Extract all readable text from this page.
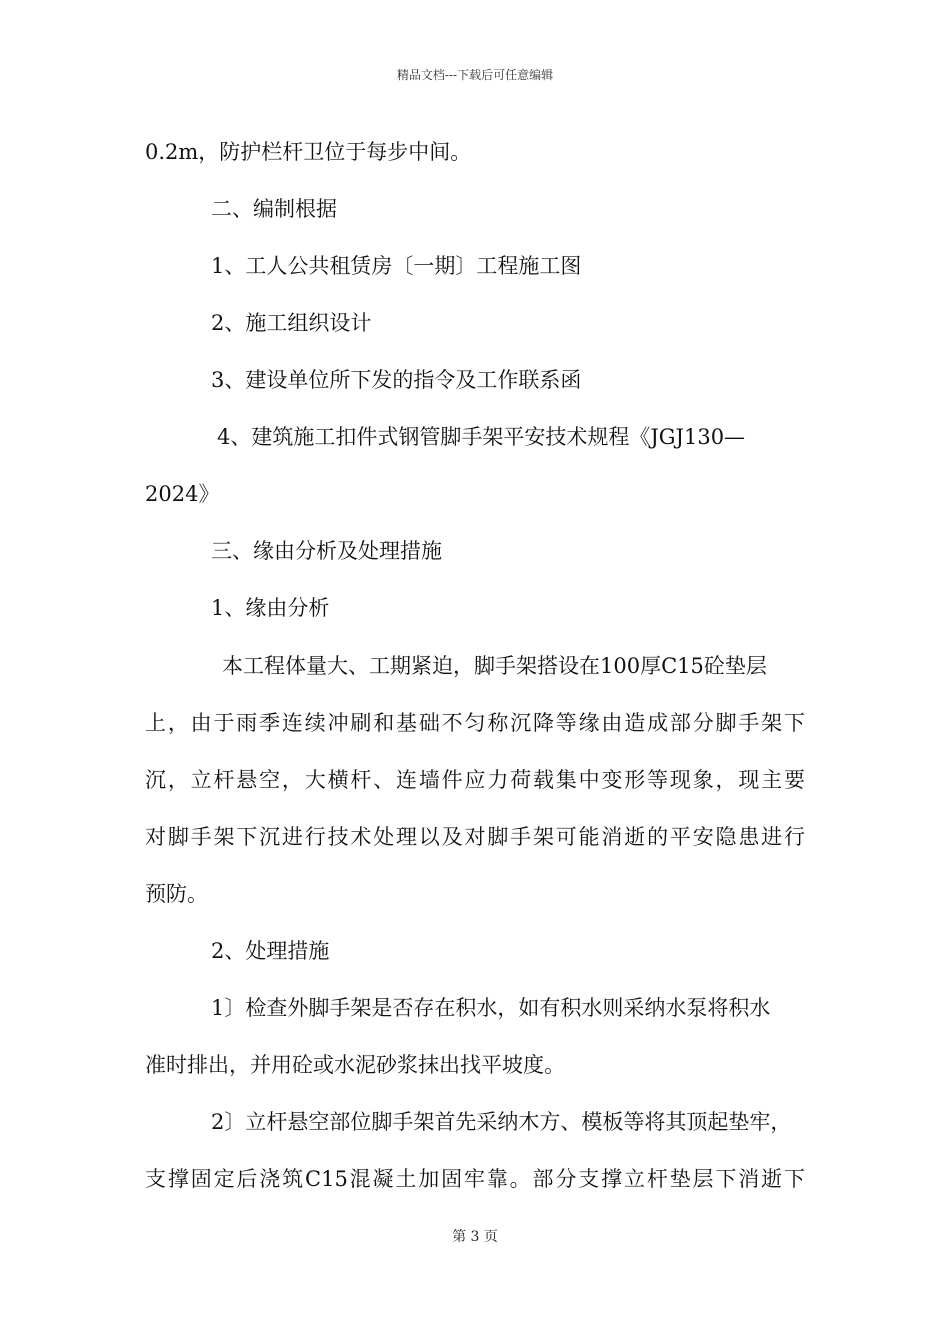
精品文档---下载后可任意编辑
0.2m，防护栏杆卫位于每步中间。
二、编制根据
1、工人公共租赁房〔一期〕工程施工图
2、施工组织设计
3、建设单位所下发的指令及工作联系函
4、建筑施工扣件式钢管脚手架平安技术规程《JGJ130—
2024》
三、缘由分析及处理措施
1、缘由分析
本工程体量大、工期紧迫，脚手架搭设在100厚C15砼垫层
上，由于雨季连续冲刷和基础不匀称沉降等缘由造成部分脚手架下
沉，立杆悬空，大横杆、连墙件应力荷载集中变形等现象，现主要
对脚手架下沉进行技术处理以及对脚手架可能消逝的平安隐患进行
预防。
2、处理措施
1〕检查外脚手架是否存在积水，如有积水则采纳水泵将积水
准时排出，并用砼或水泥砂浆抹出找平坡度。
2〕立杆悬空部位脚手架首先采纳木方、模板等将其顶起垫牢，
支撑固定后浇筑C15混凝土加固牢靠。部分支撑立杆垫层下消逝下
第 3 页
